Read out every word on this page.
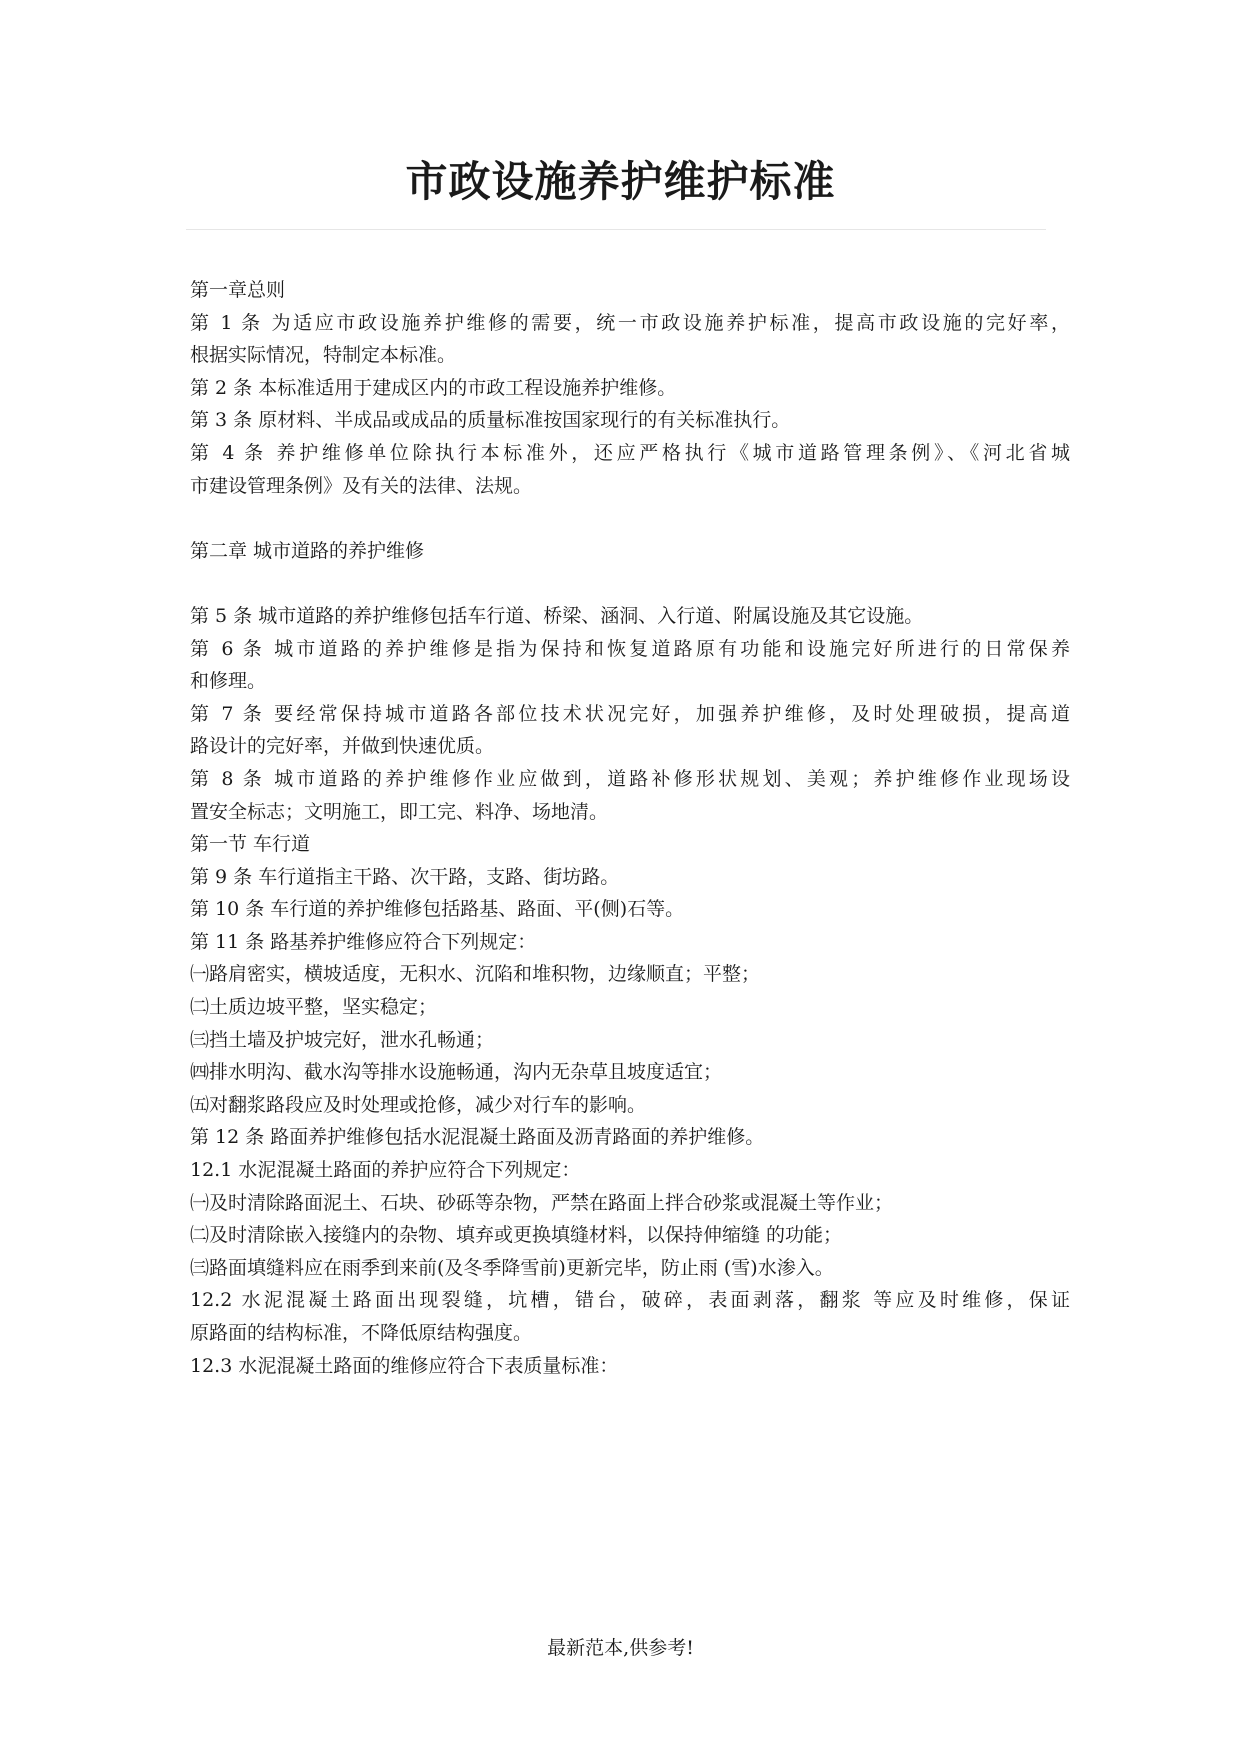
市政设施养护维护标准
第一章总则
第 1 条 为适应市政设施养护维修的需要，统一市政设施养护标准，提高市政设施的完好率，
根据实际情况，特制定本标准。
第 2 条 本标准适用于建成区内的市政工程设施养护维修。
第 3 条 原材料、半成品或成品的质量标准按国家现行的有关标准执行。
第 4 条 养护维修单位除执行本标准外，还应严格执行《城市道路管理条例》、《河北省城
市建设管理条例》及有关的法律、法规。
第二章 城市道路的养护维修
第 5 条 城市道路的养护维修包括车行道、桥梁、涵洞、入行道、附属设施及其它设施。
第 6 条 城市道路的养护维修是指为保持和恢复道路原有功能和设施完好所进行的日常保养
和修理。
第 7 条 要经常保持城市道路各部位技术状况完好，加强养护维修，及时处理破损，提高道
路设计的完好率，并做到快速优质。
第 8 条 城市道路的养护维修作业应做到，道路补修形状规划、美观；养护维修作业现场设
置安全标志；文明施工，即工完、料净、场地清。
第一节 车行道
第 9 条 车行道指主干路、次干路，支路、街坊路。
第 10 条 车行道的养护维修包括路基、路面、平(侧)石等。
第 11 条 路基养护维修应符合下列规定：
㈠路肩密实，横坡适度，无积水、沉陷和堆积物，边缘顺直；平整；
㈡土质边坡平整，坚实稳定；
㈢挡土墙及护坡完好，泄水孔畅通；
㈣排水明沟、截水沟等排水设施畅通，沟内无杂草且坡度适宜；
㈤对翻浆路段应及时处理或抢修，减少对行车的影响。
第 12 条 路面养护维修包括水泥混凝土路面及沥青路面的养护维修。
12.1 水泥混凝土路面的养护应符合下列规定：
㈠及时清除路面泥土、石块、砂砾等杂物，严禁在路面上拌合砂浆或混凝土等作业；
㈡及时清除嵌入接缝内的杂物、填弃或更换填缝材料，以保持伸缩缝 的功能；
㈢路面填缝料应在雨季到来前(及冬季降雪前)更新完毕，防止雨 (雪)水渗入。
12.2 水泥混凝土路面出现裂缝，坑槽，错台，破碎，表面剥落，翻浆 等应及时维修，保证
原路面的结构标准，不降低原结构强度。
12.3 水泥混凝土路面的维修应符合下表质量标准：
最新范本,供参考!
